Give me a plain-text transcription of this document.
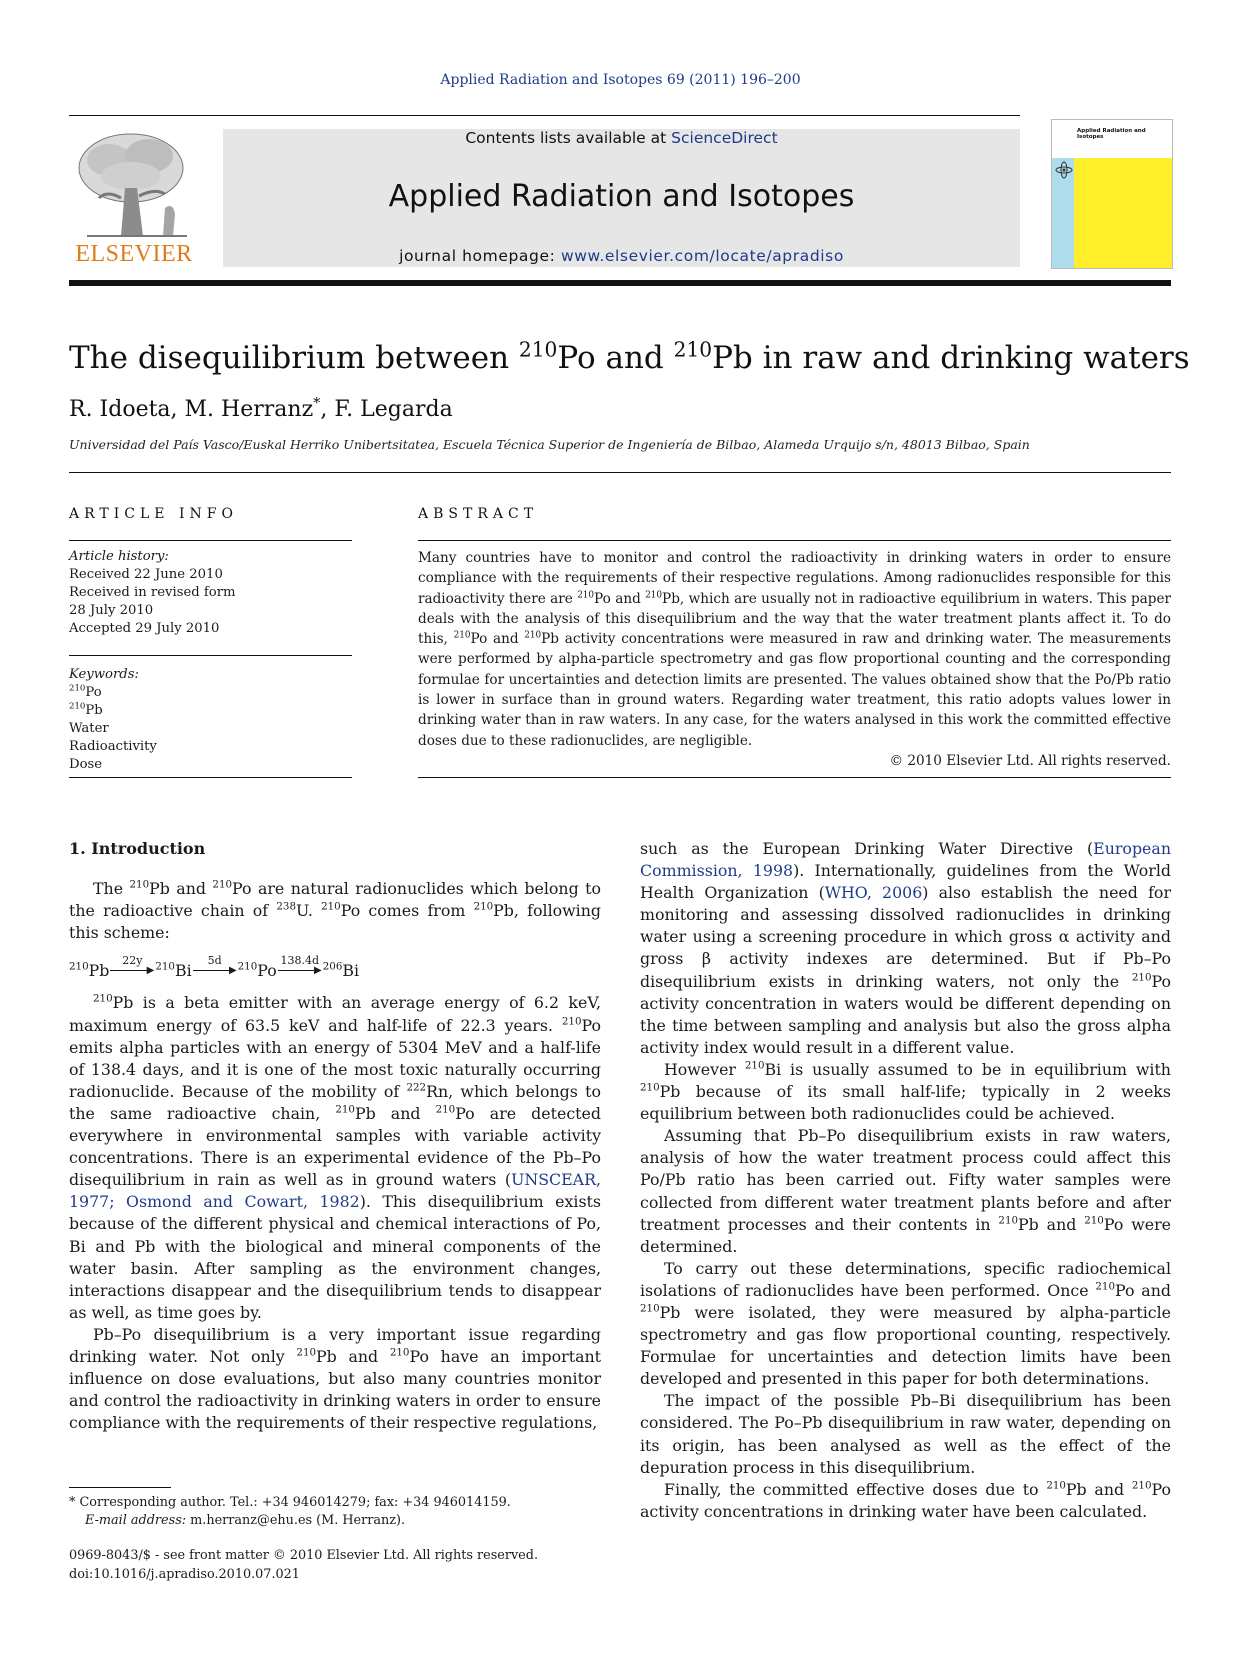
Applied Radiation and Isotopes 69 (2011) 196–200
ELSEVIER
Contents lists available at ScienceDirect
Applied Radiation and Isotopes
journal homepage: www.elsevier.com/locate/apradiso
Applied Radiation and Isotopes
The disequilibrium between $^{210}$Po and $^{210}$Pb in raw and drinking waters
R. Idoeta, M. Herranz*, F. Legarda
Universidad del País Vasco/Euskal Herriko Unibertsitatea, Escuela Técnica Superior de Ingeniería de Bilbao, Alameda Urquijo s/n, 48013 Bilbao, Spain
ARTICLE INFO
Article history:
Received 22 June 2010
Received in revised form
28 July 2010
Accepted 29 July 2010
Keywords:
$^{210}$Po
$^{210}$Pb
Water
Radioactivity
Dose
ABSTRACT
Many countries have to monitor and control the radioactivity in drinking waters in order to ensure compliance with the requirements of their respective regulations. Among radionuclides responsible for this radioactivity there are $^{210}$Po and $^{210}$Pb, which are usually not in radioactive equilibrium in waters. This paper deals with the analysis of this disequilibrium and the way that the water treatment plants affect it. To do this, $^{210}$Po and $^{210}$Pb activity concentrations were measured in raw and drinking water. The measurements were performed by alpha-particle spectrometry and gas flow proportional counting and the corresponding formulae for uncertainties and detection limits are presented. The values obtained show that the Po/Pb ratio is lower in surface than in ground waters. Regarding water treatment, this ratio adopts values lower in drinking water than in raw waters. In any case, for the waters analysed in this work the committed effective doses due to these radionuclides, are negligible.
© 2010 Elsevier Ltd. All rights reserved.
1. Introduction

The $^{210}$Pb and $^{210}$Po are natural radionuclides which belong to the radioactive chain of $^{238}$U. $^{210}$Po comes from $^{210}$Pb, following this scheme:

$^{210}$Pb
22y
▶ $^{210}$Bi
5d
▶ $^{210}$Po
138.4d
▶ $^{206}$Bi

$^{210}$Pb is a beta emitter with an average energy of 6.2 keV, maximum energy of 63.5 keV and half-life of 22.3 years. $^{210}$Po emits alpha particles with an energy of 5304 MeV and a half-life of 138.4 days, and it is one of the most toxic naturally occurring radionuclide. Because of the mobility of $^{222}$Rn, which belongs to the same radioactive chain, $^{210}$Pb and $^{210}$Po are detected everywhere in environmental samples with variable activity concentrations. There is an experimental evidence of the Pb–Po disequilibrium in rain as well as in ground waters (UNSCEAR, 1977; Osmond and Cowart, 1982). This disequilibrium exists because of the different physical and chemical interactions of Po, Bi and Pb with the biological and mineral components of the water basin. After sampling as the environment changes, interactions disappear and the disequilibrium tends to disappear as well, as time goes by.

Pb–Po disequilibrium is a very important issue regarding drinking water. Not only $^{210}$Pb and $^{210}$Po have an important influence on dose evaluations, but also many countries monitor and control the radioactivity in drinking waters in order to ensure compliance with the requirements of their respective regulations,

such as the European Drinking Water Directive (European Commission, 1998). Internationally, guidelines from the World Health Organization (WHO, 2006) also establish the need for monitoring and assessing dissolved radionuclides in drinking water using a screening procedure in which gross α activity and gross β activity indexes are determined. But if Pb–Po disequilibrium exists in drinking waters, not only the $^{210}$Po activity concentration in waters would be different depending on the time between sampling and analysis but also the gross alpha activity index would result in a different value.

However $^{210}$Bi is usually assumed to be in equilibrium with $^{210}$Pb because of its small half-life; typically in 2 weeks equilibrium between both radionuclides could be achieved.

Assuming that Pb–Po disequilibrium exists in raw waters, analysis of how the water treatment process could affect this Po/Pb ratio has been carried out. Fifty water samples were collected from different water treatment plants before and after treatment processes and their contents in $^{210}$Pb and $^{210}$Po were determined.

To carry out these determinations, specific radiochemical isolations of radionuclides have been performed. Once $^{210}$Po and $^{210}$Pb were isolated, they were measured by alpha-particle spectrometry and gas flow proportional counting, respectively. Formulae for uncertainties and detection limits have been developed and presented in this paper for both determinations.

The impact of the possible Pb–Bi disequilibrium has been considered. The Po–Pb disequilibrium in raw water, depending on its origin, has been analysed as well as the effect of the depuration process in this disequilibrium.

Finally, the committed effective doses due to $^{210}$Pb and $^{210}$Po activity concentrations in drinking water have been calculated.

* Corresponding author. Tel.: +34 946014279; fax: +34 946014159.
E-mail address: m.herranz@ehu.es (M. Herranz).
0969-8043/$ - see front matter © 2010 Elsevier Ltd. All rights reserved.
doi:10.1016/j.apradiso.2010.07.021
